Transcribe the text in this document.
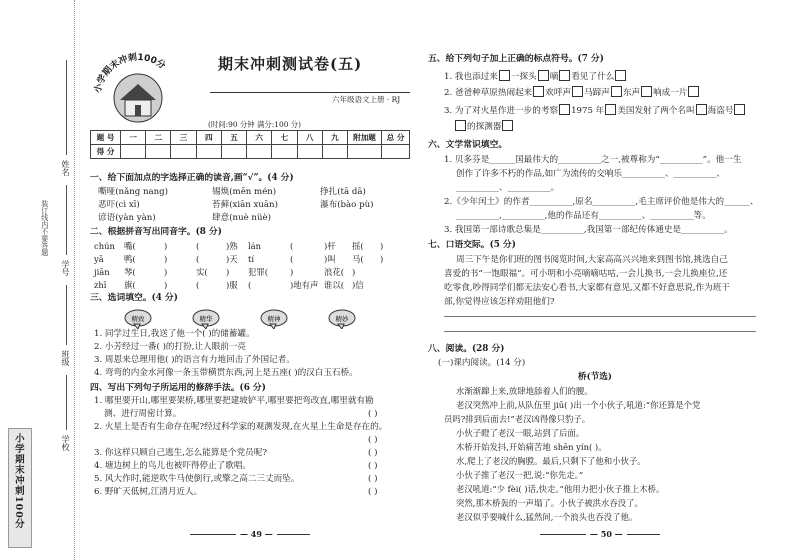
姓名
学号
班级
学校
装订线内不要答题
小学期末冲刺100分
小学期末冲刺100分	期末冲刺测试卷(五)
六年级语文上册 · RJ
(时间:90 分钟 满分:100 分)
题 号	一	二	三	四	五	六	七	八	九	附加题	总 分
得 分											
一、给下面加点的字选择正确的读音,画“√”。(4 分)
嘶哑(nǎng nang)	锡焕(mēn mén)	挣扎(tā dā)
恶吓(cì xī)	苔藓(xiān xuān)	瀑布(bào pù)
谚语(yàn yàn)	肆意(nuè nüè)
二、根据拼音写出同音字。(8 分)
chún 嘴(	)	(	)熟 lán	(	)杆 摇( )
yā 鸭(	)	(	)天 tí	(	)叫 马( )
jiān 琴(	)	实( ) 犯罪(	)	浪花( )
zhī 旗(	)	(	)服 (	)地有声 谁以( )信
三、选词填空。(4 分)
精致	精华	精神	精妙
1. 同学过生日,我送了他一个( )的储蓄罐。
2. 小芳经过一番( )的打扮,让人眼前一亮
3. 周恩来总理用他( )的语言有力地回击了外国记者。
4. 弯弯的内金水河像一条玉带横贯东西,河上是五座( )的汉白玉石桥。
四、写出下列句子所运用的修辞手法。(6 分)
1. 哪里要开山,哪里要架桥,哪里要把建坡铲平,哪里要把弯改直,哪里就有勘
测、进行周密计算。	( )
2. 火星上是否有生命存在呢?经过科学家的观测发现,在火星上生命是存在的。
( )
3. 你这样只顾自己逃生,怎么能算是个党员呢?	( )
4. 塘边树上的鸟儿也被吓得停止了歌唱。	( )
5. 风大作时,能逆吹牛马使倒行,或擎之高二三丈而坠。	( )
6. 野旷天低树,江清月近人。	( )
— 49 —
五、给下列句子加上正确的标点符号。(7 分)
1. 我也添过来 一探头 嘀 看见了什么
2. 爸爸种草原热闹起来 欢呼声 马蹄声 东声 响成一片
3. 为了对火星作进一步的考察 1975 年 美国发射了两个名叫 海盗号
的探测器
六、文学常识填空。
1. 贝多芬是______国最伟大的__________之一,被尊称为“__________”。他一生
创作了许多不朽的作品,如广为流传的交响乐__________、__________、
__________、__________。
2.《少年闰土》的作者__________,原名__________,毛主席评价他是伟大的______、
__________,__________,他的作品还有__________、__________等。
3. 我国第一部诗歌总集是__________,我国第一部纪传体通史是__________。
七、口语交际。(5 分)
周三下午是你们班的图书阅览时间,大家高高兴兴地来到图书馆,挑选自己
喜爱的书“一饱眼福”。可小明和小亮嘀嘀咕咕,一会儿换书,一会儿换座位,还
吃零食,吵得同学们都无法安心看书,大家都有意见,又都不好意思说,作为班干
部,你觉得应该怎样劝阻他们?
八、阅读。(28 分)
(一)课内阅读。(14 分)
桥(节选)
水渐渐蹿上来,放肆地舔着人们的腰。
老汉突然冲上前,从队伍里 jiū( )出一个小伙子,吼道:“你还算是个党
员吗?排到后面去!”老汉凶得像只豹子。
小伙子瞪了老汉一眼,站到了后面。
木桥开始发抖,开始痛苦地 shēn yín( )。
水,爬上了老汉的胸膛。最后,只剩下了他和小伙子。
小伙子推了老汉一把,说:“你先走。”
老汉吼道:“少 fèi( )话,快走。”他用力把小伙子推上木桥。
突然,那木桥轰的一声塌了。小伙子被洪水吞没了。
老汉似乎要喊什么,猛然间,一个浪头也吞没了他。
— 50 —
